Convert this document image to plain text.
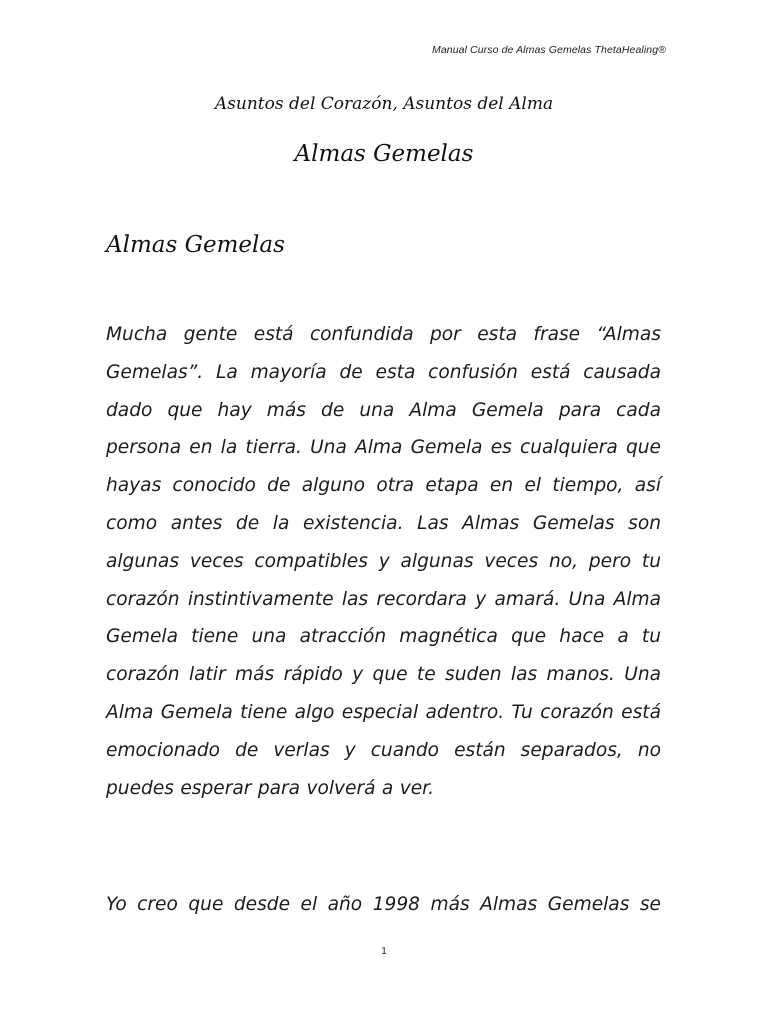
Manual Curso de Almas Gemelas ThetaHealing®
Asuntos del Corazón, Asuntos del Alma
Almas Gemelas
Almas Gemelas

Mucha gente está confundida por esta frase “Almas Gemelas”. La mayoría de esta confusión está causada dado que hay más de una Alma Gemela para cada persona en la tierra. Una Alma Gemela es cualquiera que hayas conocido de alguno otra etapa en el tiempo, así como antes de la existencia. Las Almas Gemelas son algunas veces compatibles y algunas veces no, pero tu corazón instintivamente las recordara y amará. Una Alma Gemela tiene una atracción magnética que hace a tu corazón latir más rápido y que te suden las manos. Una Alma Gemela tiene algo especial adentro. Tu corazón está emocionado de verlas y cuando están separados, no puedes esperar para volverá a ver.

Yo creo que desde el año 1998 más Almas Gemelas se

1
